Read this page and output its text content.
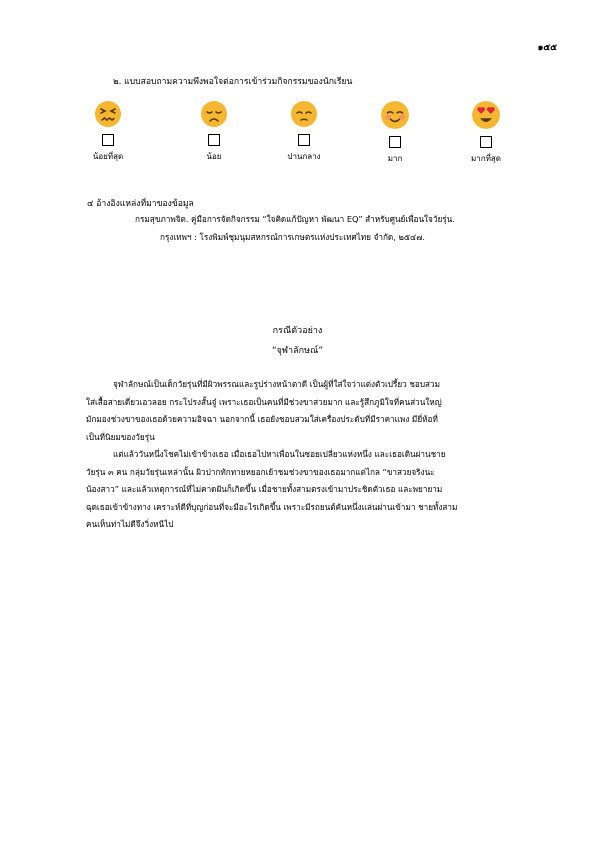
๑๕๕
๒. แบบสอบถามความพึงพอใจต่อการเข้าร่วมกิจกรรมของนักเรียน
น้อยที่สุด	น้อย	ปานกลาง	มาก	มากที่สุด
๔ อ้างอิงแหล่งที่มาของข้อมูล
กรมสุขภาพจิต. คู่มือการจัดกิจกรรม “ใจคิดแก้ปัญหา พัฒนา EQ” สำหรับศูนย์เพื่อนใจวัยรุ่น.
กรุงเทพฯ : โรงพิมพ์ชุมนุมสหกรณ์การเกษตรแห่งประเทศไทย จำกัด, ๒๕๔๗.
กรณีตัวอย่าง
“จุฬาลักษณ์”
จุฬาลักษณ์เป็นเด็กวัยรุ่นที่มีผิวพรรณและรูปร่างหน้าตาดี เป็นผู้ที่ใส่ใจว่าแต่งตัวเปรี้ยว ชอบสวม
ใส่เสื้อสายเดี่ยวเอวลอย กระโปรงสั้นจู๋ เพราะเธอเป็นคนที่มีช่วงขาสวยมาก และรู้สึกภูมิใจที่คนส่วนใหญ่
มักมองช่วงขาของเธอด้วยความอิจฉา นอกจากนี้ เธอยังชอบสวมใส่เครื่องประดับที่มีราคาแพง มียี่ห้อที่
เป็นที่นิยมของวัยรุ่น
แต่แล้ววันหนึ่งโชคไม่เข้าข้างเธอ เมื่อเธอไปหาเพื่อนในซอยเปลี่ยวแห่งหนึ่ง และเธอเดินผ่านชาย
วัยรุ่น ๓ คน กลุ่มวัยรุ่นเหล่านั้น ผิวปากทักทายหยอกเย้าชมช่วงขาของเธอมากแต่ไกล “ขาสวยจริงนะ
น้องสาว” และแล้วเหตุการณ์ที่ไม่คาดฝันก็เกิดขึ้น เมื่อชายทั้งสามตรงเข้ามาประชิดตัวเธอ และพยายาม
ฉุดเธอเข้าข้างทาง เคราะห์ดีที่บุญก่อนที่จะมีอะไรเกิดขึ้น เพราะมีรถยนต์คันหนึ่งแล่นผ่านเข้ามา ชายทั้งสาม
คนเห็นท่าไม่ดีจึงวิ่งหนีไป
